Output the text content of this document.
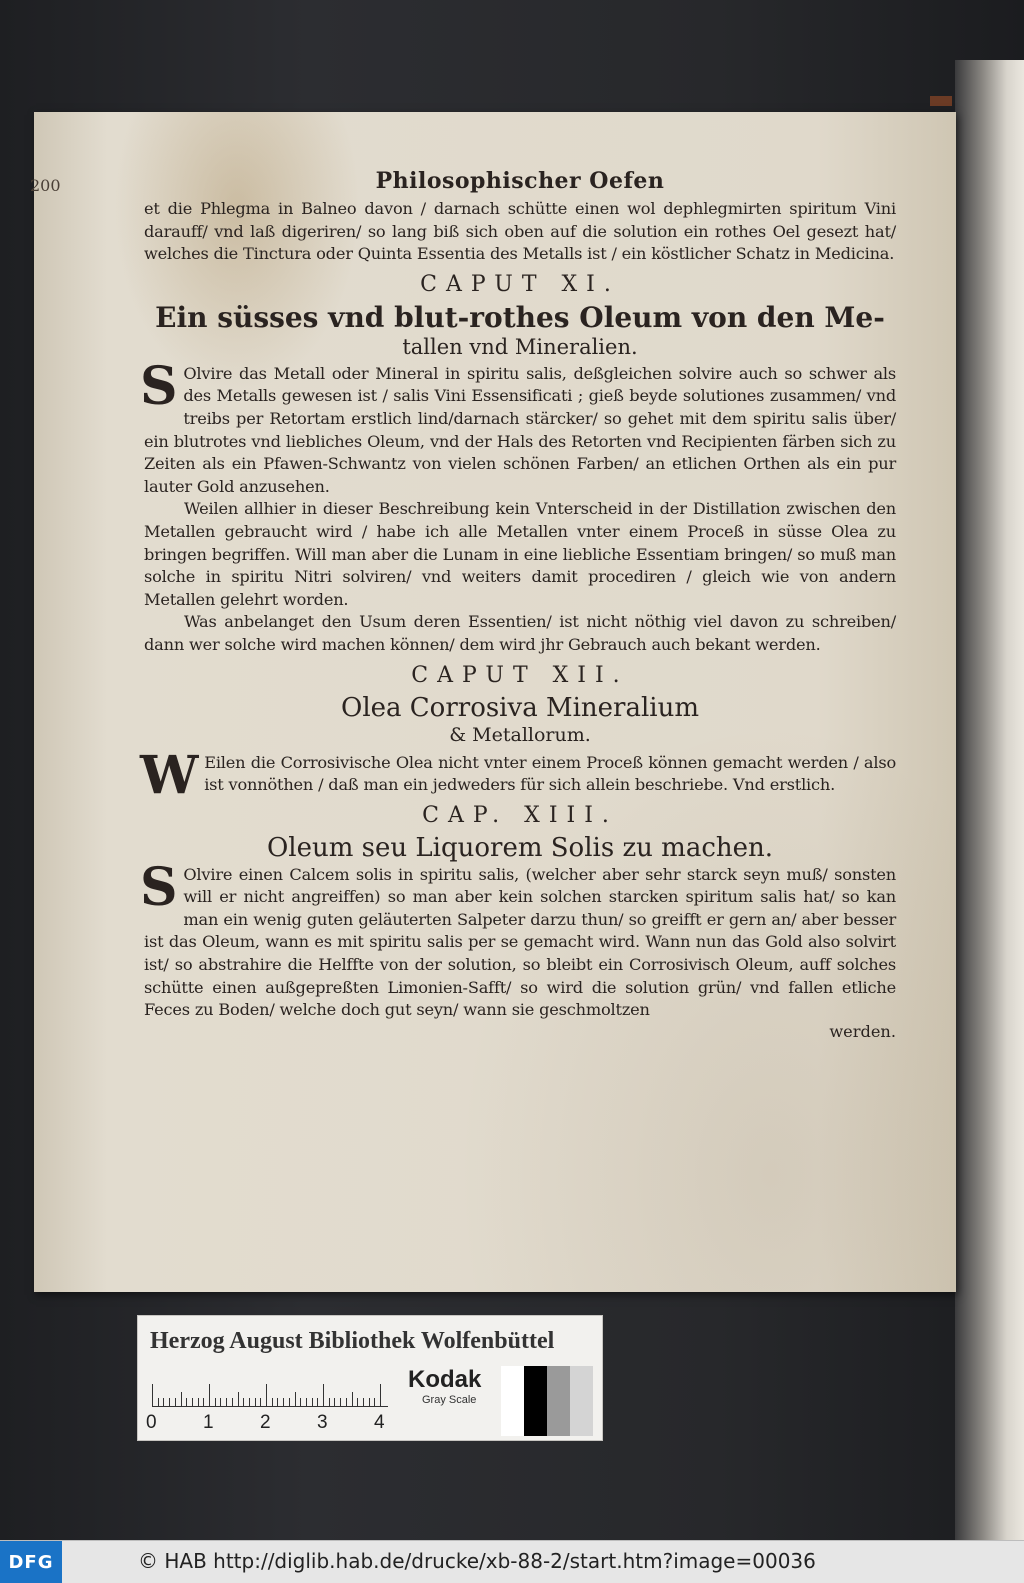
200	Philosophischer Oefen

et die Phlegma in Balneo davon / darnach schütte einen wol dephlegmirten spiritum Vini darauff/ vnd laß digeriren/ so lang biß sich oben auf die solution ein rothes Oel gesezt hat/ welches die Tinctura oder Quinta Essentia des Metalls ist / ein köstlicher Schatz in Medicina.

CAPUT XI.
Ein süsses vnd blut-rothes Oleum von den Me-
tallen vnd Mineralien.

S Olvire das Metall oder Mineral in spiritu salis, deßgleichen solvire auch so schwer als des Metalls gewesen ist / salis Vini Essensificati ; gieß beyde solutiones zusammen/ vnd treibs per Retortam erstlich lind/darnach stärcker/ so gehet mit dem spiritu salis über/ ein blutrotes vnd liebliches Oleum, vnd der Hals des Retorten vnd Recipienten färben sich zu Zeiten als ein Pfawen-Schwantz von vielen schönen Farben/ an etlichen Orthen als ein pur lauter Gold anzusehen.

Weilen allhier in dieser Beschreibung kein Vnterscheid in der Distillation zwischen den Metallen gebraucht wird / habe ich alle Metallen vnter einem Proceß in süsse Olea zu bringen begriffen. Will man aber die Lunam in eine liebliche Essentiam bringen/ so muß man solche in spiritu Nitri solviren/ vnd weiters damit procediren / gleich wie von andern Metallen gelehrt worden.

Was anbelanget den Usum deren Essentien/ ist nicht nöthig viel davon zu schreiben/ dann wer solche wird machen können/ dem wird jhr Gebrauch auch bekant werden.

CAPUT XII.
Olea Corrosiva Mineralium
& Metallorum.

W Eilen die Corrosivische Olea nicht vnter einem Proceß können gemacht werden / also ist vonnöthen / daß man ein jedweders für sich allein beschriebe. Vnd erstlich.

CAP. XIII.
Oleum seu Liquorem Solis zu machen.

S Olvire einen Calcem solis in spiritu salis, (welcher aber sehr starck seyn muß/ sonsten will er nicht angreiffen) so man aber kein solchen starcken spiritum salis hat/ so kan man ein wenig guten geläuterten Salpeter darzu thun/ so greifft er gern an/ aber besser ist das Oleum, wann es mit spiritu salis per se gemacht wird. Wann nun das Gold also solvirt ist/ so abstrahire die Helffte von der solution, so bleibt ein Corrosivisch Oleum, auff solches schütte einen außgepreßten Limonien-Safft/ so wird die solution grün/ vnd fallen etliche Feces zu Boden/ welche doch gut seyn/ wann sie geschmoltzen

werden.

Herzog August Bibliothek Wolfenbüttel
0 1 2 3 4
Kodak
Gray Scale
DFG	© HAB http://diglib.hab.de/drucke/xb-88-2/start.htm?image=00036
